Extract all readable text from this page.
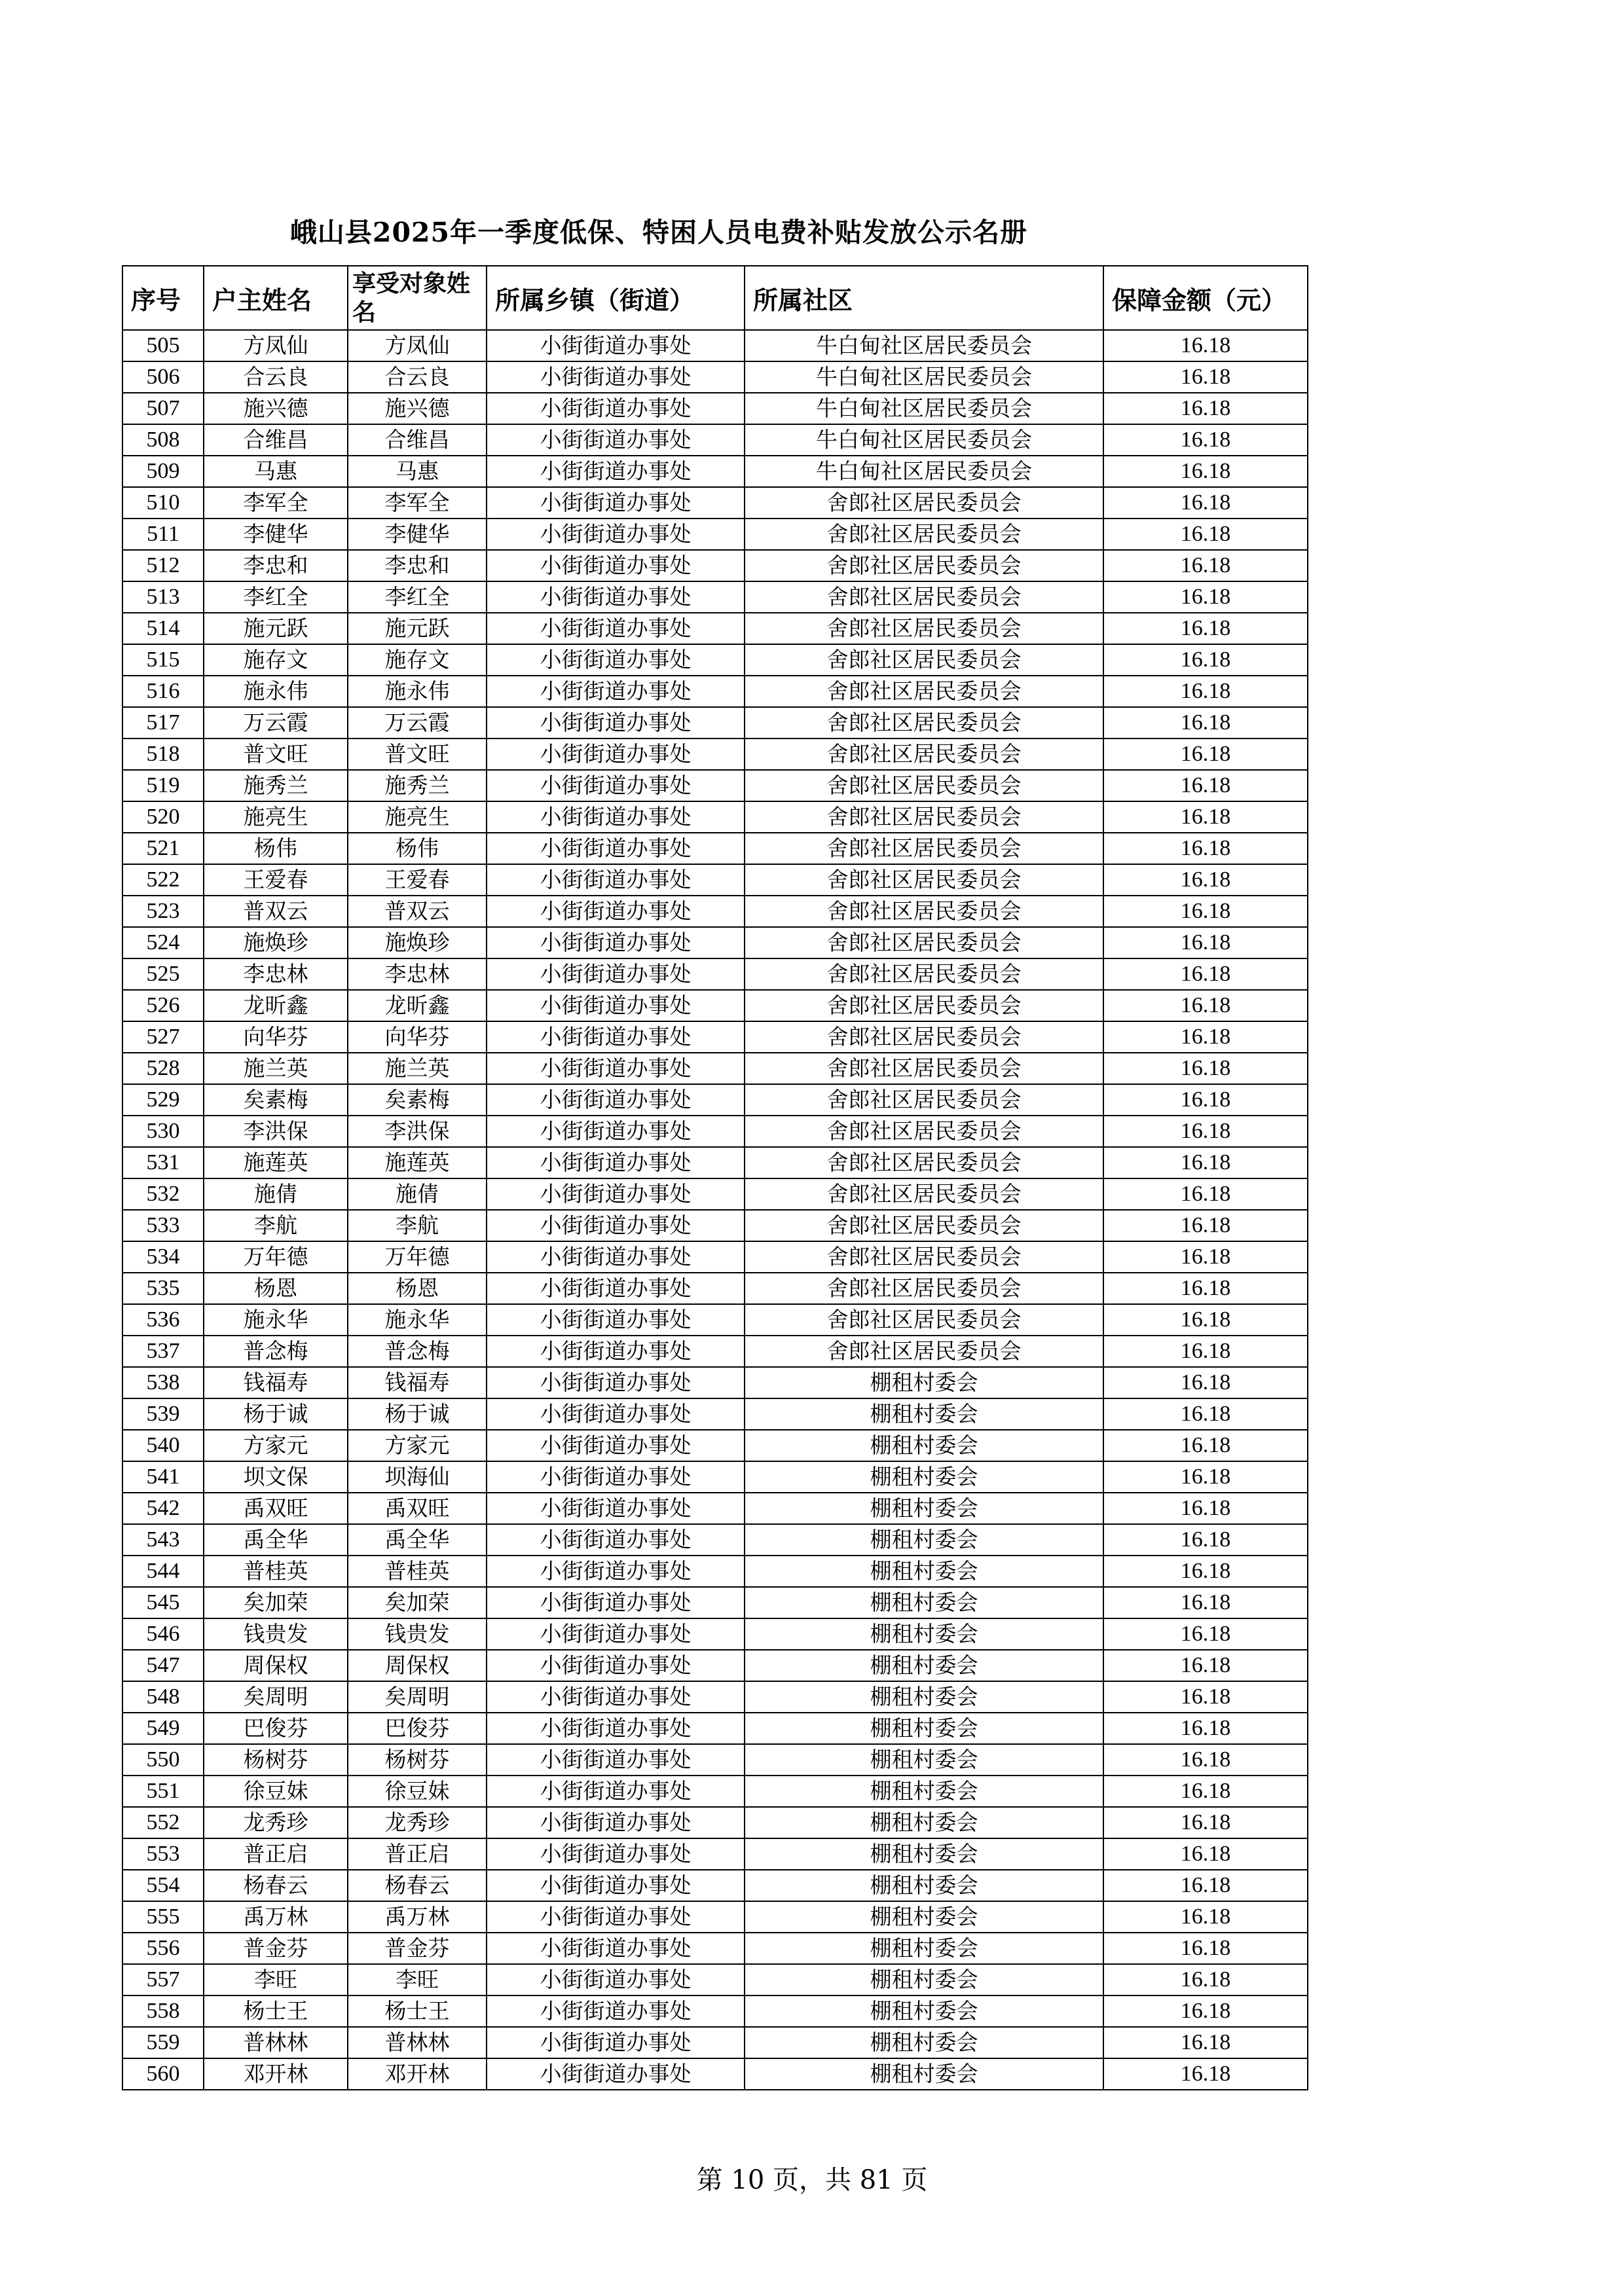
峨山县2025年一季度低保、特困人员电费补贴发放公示名册
序号	户主姓名	享受对象姓名	所属乡镇（街道）	所属社区	保障金额（元）
505	方凤仙	方凤仙	小街街道办事处	牛白甸社区居民委员会	16.18
506	合云良	合云良	小街街道办事处	牛白甸社区居民委员会	16.18
507	施兴德	施兴德	小街街道办事处	牛白甸社区居民委员会	16.18
508	合维昌	合维昌	小街街道办事处	牛白甸社区居民委员会	16.18
509	马惠	马惠	小街街道办事处	牛白甸社区居民委员会	16.18
510	李军全	李军全	小街街道办事处	舍郎社区居民委员会	16.18
511	李健华	李健华	小街街道办事处	舍郎社区居民委员会	16.18
512	李忠和	李忠和	小街街道办事处	舍郎社区居民委员会	16.18
513	李红全	李红全	小街街道办事处	舍郎社区居民委员会	16.18
514	施元跃	施元跃	小街街道办事处	舍郎社区居民委员会	16.18
515	施存文	施存文	小街街道办事处	舍郎社区居民委员会	16.18
516	施永伟	施永伟	小街街道办事处	舍郎社区居民委员会	16.18
517	万云霞	万云霞	小街街道办事处	舍郎社区居民委员会	16.18
518	普文旺	普文旺	小街街道办事处	舍郎社区居民委员会	16.18
519	施秀兰	施秀兰	小街街道办事处	舍郎社区居民委员会	16.18
520	施亮生	施亮生	小街街道办事处	舍郎社区居民委员会	16.18
521	杨伟	杨伟	小街街道办事处	舍郎社区居民委员会	16.18
522	王爱春	王爱春	小街街道办事处	舍郎社区居民委员会	16.18
523	普双云	普双云	小街街道办事处	舍郎社区居民委员会	16.18
524	施焕珍	施焕珍	小街街道办事处	舍郎社区居民委员会	16.18
525	李忠林	李忠林	小街街道办事处	舍郎社区居民委员会	16.18
526	龙昕鑫	龙昕鑫	小街街道办事处	舍郎社区居民委员会	16.18
527	向华芬	向华芬	小街街道办事处	舍郎社区居民委员会	16.18
528	施兰英	施兰英	小街街道办事处	舍郎社区居民委员会	16.18
529	矣素梅	矣素梅	小街街道办事处	舍郎社区居民委员会	16.18
530	李洪保	李洪保	小街街道办事处	舍郎社区居民委员会	16.18
531	施莲英	施莲英	小街街道办事处	舍郎社区居民委员会	16.18
532	施倩	施倩	小街街道办事处	舍郎社区居民委员会	16.18
533	李航	李航	小街街道办事处	舍郎社区居民委员会	16.18
534	万年德	万年德	小街街道办事处	舍郎社区居民委员会	16.18
535	杨恩	杨恩	小街街道办事处	舍郎社区居民委员会	16.18
536	施永华	施永华	小街街道办事处	舍郎社区居民委员会	16.18
537	普念梅	普念梅	小街街道办事处	舍郎社区居民委员会	16.18
538	钱福寿	钱福寿	小街街道办事处	棚租村委会	16.18
539	杨于诚	杨于诚	小街街道办事处	棚租村委会	16.18
540	方家元	方家元	小街街道办事处	棚租村委会	16.18
541	坝文保	坝海仙	小街街道办事处	棚租村委会	16.18
542	禹双旺	禹双旺	小街街道办事处	棚租村委会	16.18
543	禹全华	禹全华	小街街道办事处	棚租村委会	16.18
544	普桂英	普桂英	小街街道办事处	棚租村委会	16.18
545	矣加荣	矣加荣	小街街道办事处	棚租村委会	16.18
546	钱贵发	钱贵发	小街街道办事处	棚租村委会	16.18
547	周保权	周保权	小街街道办事处	棚租村委会	16.18
548	矣周明	矣周明	小街街道办事处	棚租村委会	16.18
549	巴俊芬	巴俊芬	小街街道办事处	棚租村委会	16.18
550	杨树芬	杨树芬	小街街道办事处	棚租村委会	16.18
551	徐豆妹	徐豆妹	小街街道办事处	棚租村委会	16.18
552	龙秀珍	龙秀珍	小街街道办事处	棚租村委会	16.18
553	普正启	普正启	小街街道办事处	棚租村委会	16.18
554	杨春云	杨春云	小街街道办事处	棚租村委会	16.18
555	禹万林	禹万林	小街街道办事处	棚租村委会	16.18
556	普金芬	普金芬	小街街道办事处	棚租村委会	16.18
557	李旺	李旺	小街街道办事处	棚租村委会	16.18
558	杨士王	杨士王	小街街道办事处	棚租村委会	16.18
559	普林林	普林林	小街街道办事处	棚租村委会	16.18
560	邓开林	邓开林	小街街道办事处	棚租村委会	16.18
第 10 页，共 81 页
